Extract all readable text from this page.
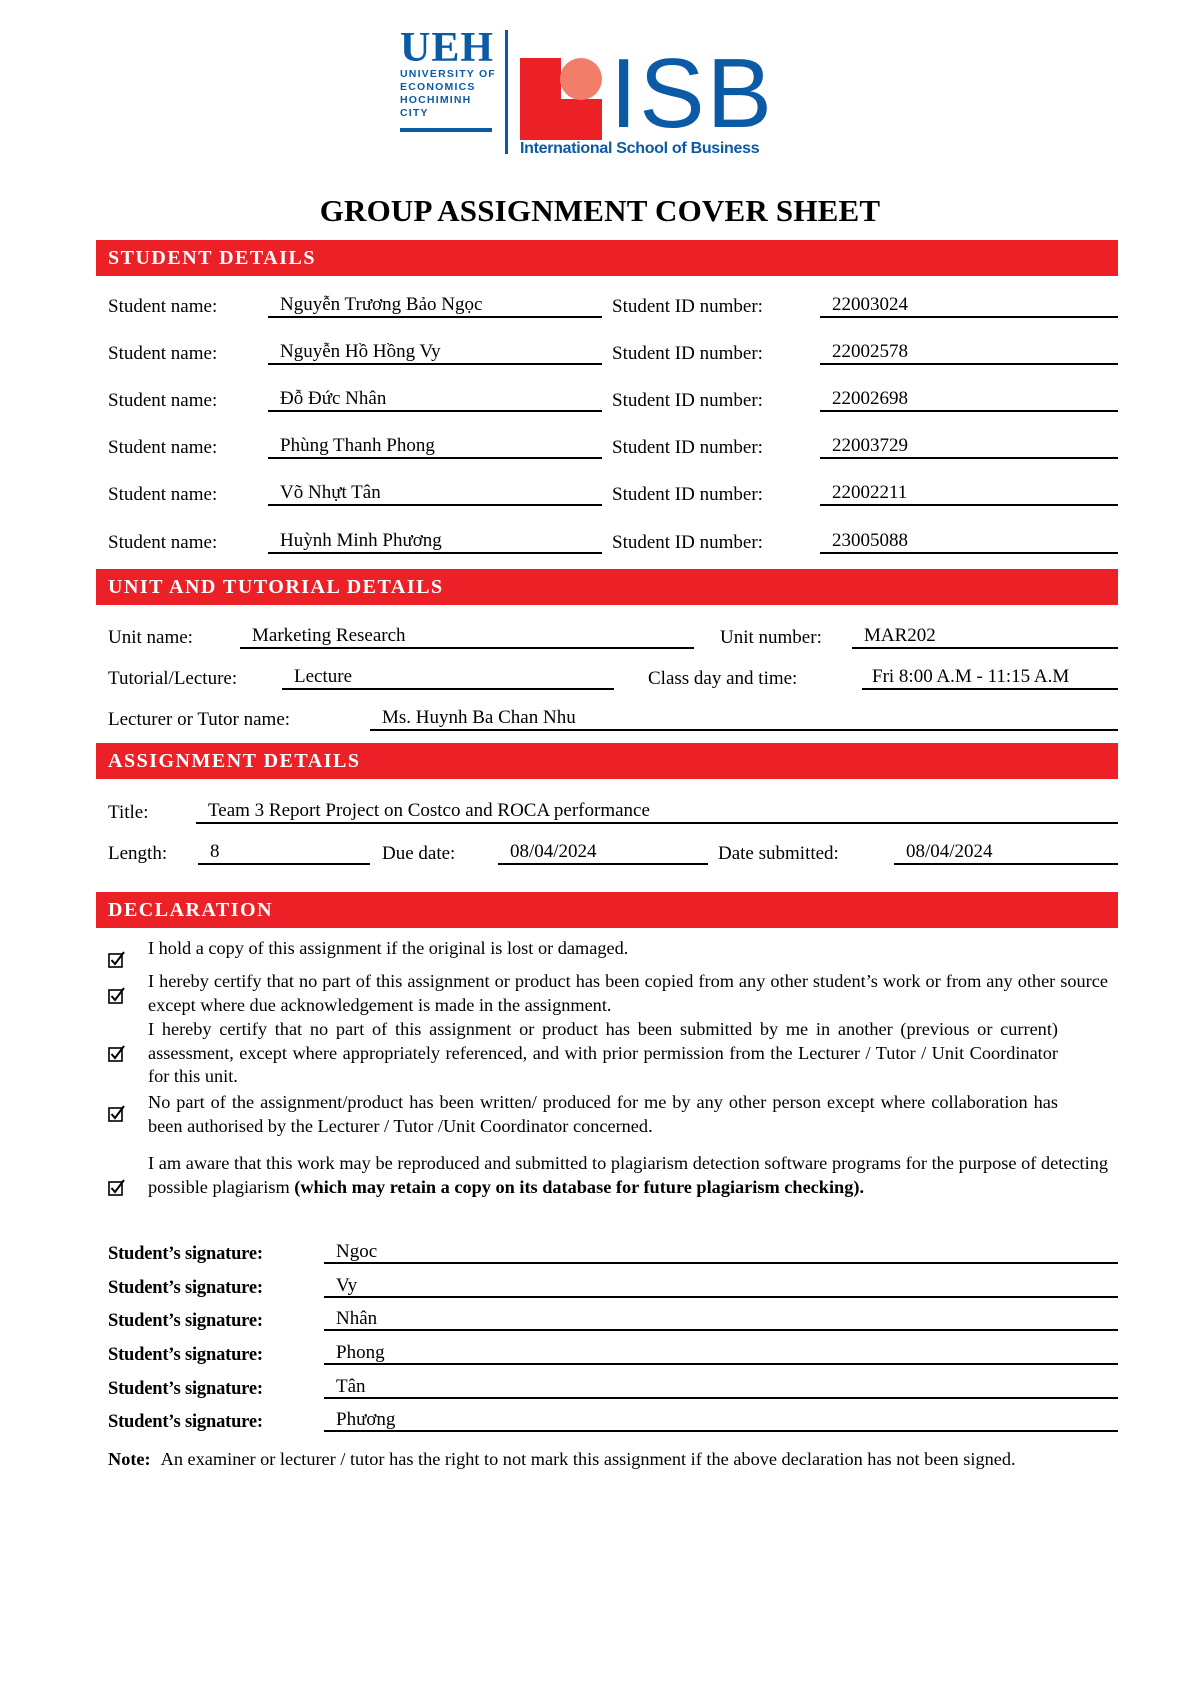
UEH
UNIVERSITY OF
ECONOMICS
HOCHIMINH CITY	ISB
International School of Business
GROUP ASSIGNMENT COVER SHEET
STUDENT DETAILS
Student name:	Nguyễn Trương Bảo Ngọc	Student ID number:	22003024
Student name:	Nguyễn Hồ Hồng Vy	Student ID number:	22002578
Student name:	Đỗ Đức Nhân	Student ID number:	22002698
Student name:	Phùng Thanh Phong	Student ID number:	22003729
Student name:	Võ Nhựt Tân	Student ID number:	22002211
Student name:	Huỳnh Minh Phương	Student ID number:	23005088
UNIT AND TUTORIAL DETAILS
Unit name:	Marketing Research	Unit number:	MAR202
Tutorial/Lecture:	Lecture	Class day and time:	Fri 8:00 A.M - 11:15 A.M
Lecturer or Tutor name:	Ms. Huynh Ba Chan Nhu
ASSIGNMENT DETAILS
Title:	Team 3 Report Project on Costco and ROCA performance
Length:	8	Due date:	08/04/2024	Date submitted:	08/04/2024
DECLARATION
I hold a copy of this assignment if the original is lost or damaged.
I hereby certify that no part of this assignment or product has been copied from any other student’s work or from any other source except where due acknowledgement is made in the assignment.
I hereby certify that no part of this assignment or product has been submitted by me in another (previous or current) assessment, except where appropriately referenced, and with prior permission from the Lecturer / Tutor / Unit Coordinator for this unit.
No part of the assignment/product has been written/ produced for me by any other person except where collaboration has been authorised by the Lecturer / Tutor /Unit Coordinator concerned.
I am aware that this work may be reproduced and submitted to plagiarism detection software programs for the purpose of detecting possible plagiarism (which may retain a copy on its database for future plagiarism checking).
Student’s signature:	Ngoc
Student’s signature:	Vy
Student’s signature:	Nhân
Student’s signature:	Phong
Student’s signature:	Tân
Student’s signature:	Phương
Note: An examiner or lecturer / tutor has the right to not mark this assignment if the above declaration has not been signed.
